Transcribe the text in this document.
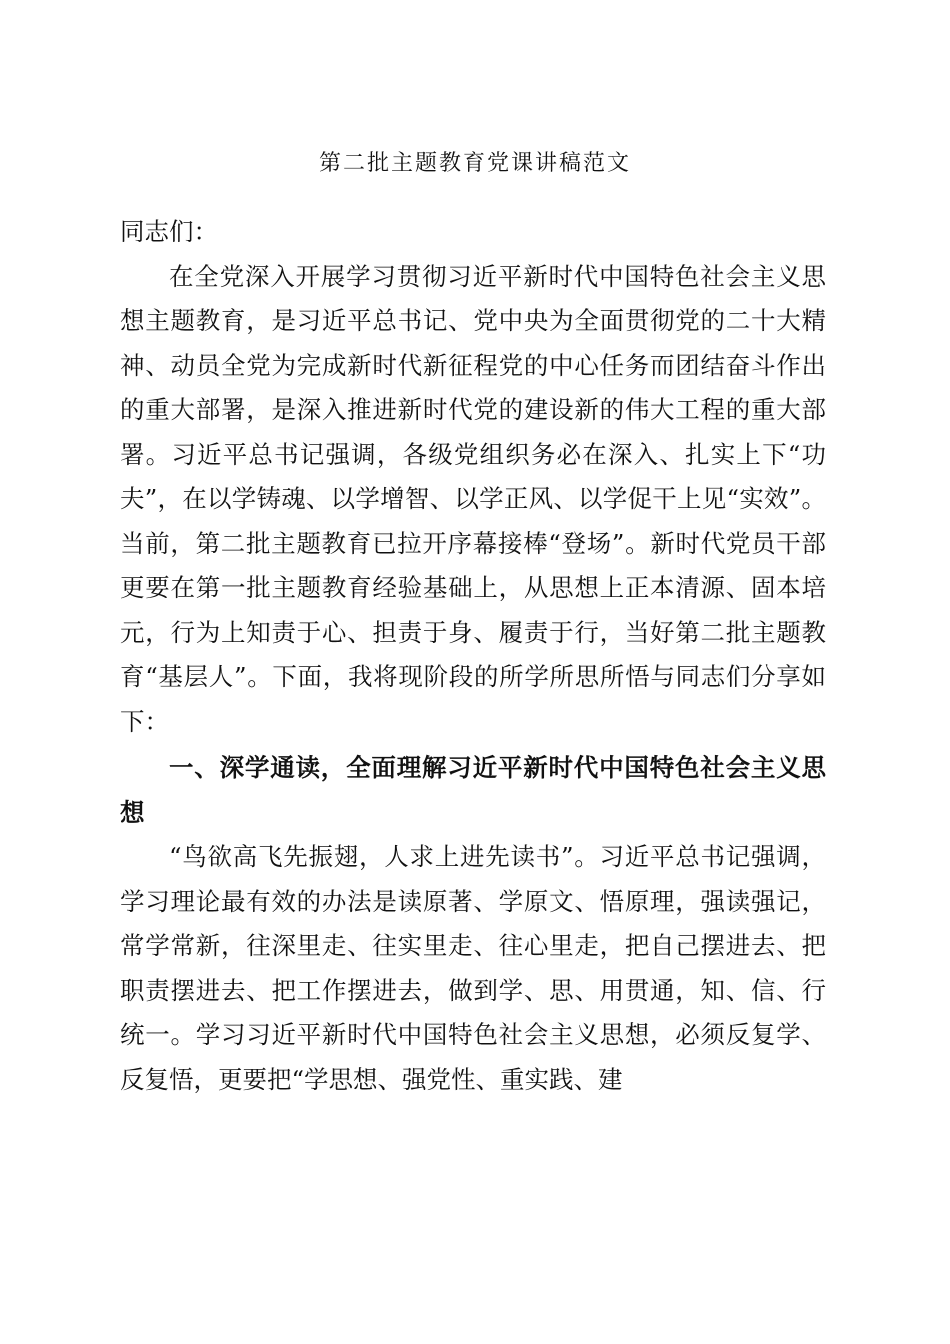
第二批主题教育党课讲稿范文

同志们：

在全党深入开展学习贯彻习近平新时代中国特色社会主义思想主题教育，是习近平总书记、党中央为全面贯彻党的二十大精神、动员全党为完成新时代新征程党的中心任务而团结奋斗作出的重大部署，是深入推进新时代党的建设新的伟大工程的重大部署。习近平总书记强调，各级党组织务必在深入、扎实上下“功夫”，在以学铸魂、以学增智、以学正风、以学促干上见“实效”。当前，第二批主题教育已拉开序幕接棒“登场”。新时代党员干部更要在第一批主题教育经验基础上，从思想上正本清源、固本培元，行为上知责于心、担责于身、履责于行，当好第二批主题教育“基层人”。下面，我将现阶段的所学所思所悟与同志们分享如下：

一、深学通读，全面理解习近平新时代中国特色社会主义思想

“鸟欲高飞先振翅，人求上进先读书”。习近平总书记强调，学习理论最有效的办法是读原著、学原文、悟原理，强读强记，常学常新，往深里走、往实里走、往心里走，把自己摆进去、把职责摆进去、把工作摆进去，做到学、思、用贯通，知、信、行统一。学习习近平新时代中国特色社会主义思想，必须反复学、反复悟，更要把“学思想、强党性、重实践、建
